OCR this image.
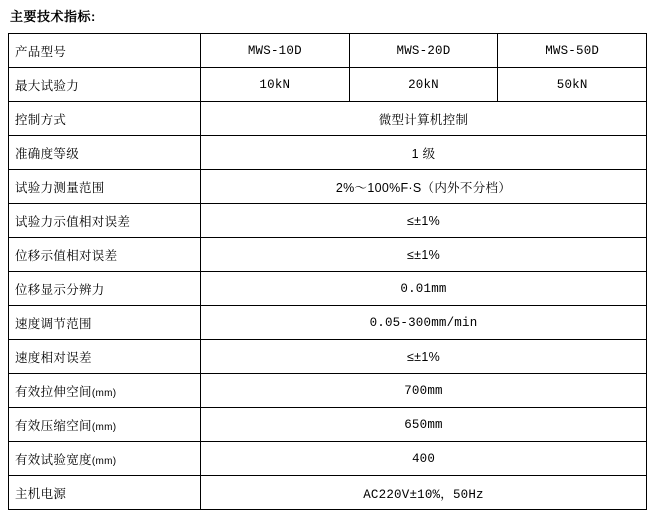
主要技术指标:
产品型号	MWS-10D	MWS-20D	MWS-50D
最大试验力	10kN	20kN	50kN
控制方式	微型计算机控制		
准确度等级	1 级		
试验力测量范围	2%～100%F·S（内外不分档）		
试验力示值相对误差	≤±1%		
位移示值相对误差	≤±1%		
位移显示分辨力	0.01mm		
速度调节范围	0.05-300mm/min		
速度相对误差	≤±1%		
有效拉伸空间(mm)	700mm		
有效压缩空间(mm)	650mm		
有效试验宽度(mm)	400		
主机电源	AC220V±10%，50Hz		
